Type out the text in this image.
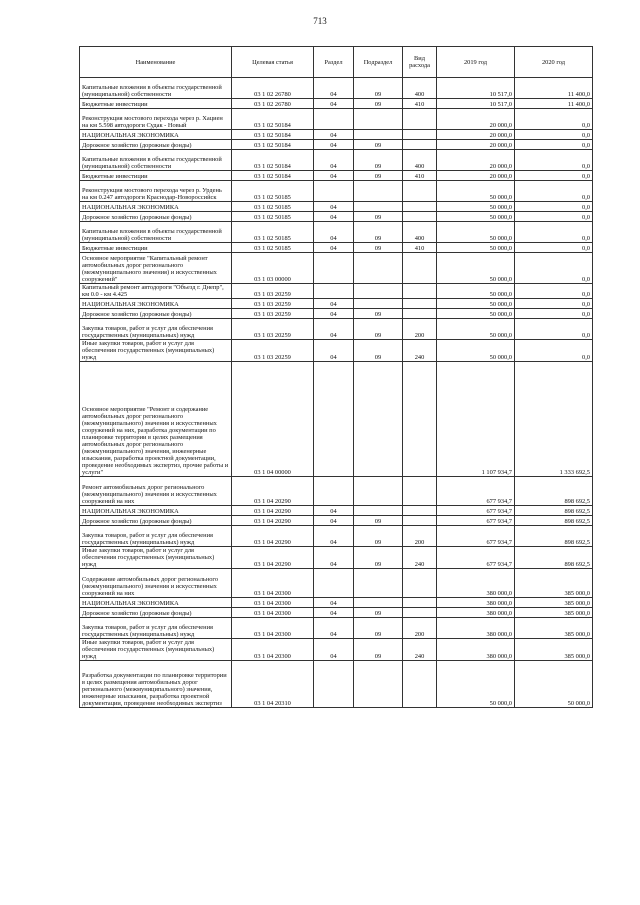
713
Наименование	Целевая статья	Раздел	Подраздел	Вид расхода	2019 год	2020 год
Капитальные вложения в объекты государственной (муниципальной) собственности	03 1 02 26780	04	09	400	10 517,0	11 400,0
Бюджетные инвестиции	03 1 02 26780	04	09	410	10 517,0	11 400,0
Реконструкция мостового перехода через р. Хациен на км 5.598 автодороги Судак - Новый	03 1 02 50184				20 000,0	0,0
НАЦИОНАЛЬНАЯ ЭКОНОМИКА	03 1 02 50184	04			20 000,0	0,0
Дорожное хозяйство (дорожные фонды)	03 1 02 50184	04	09		20 000,0	0,0
Капитальные вложения в объекты государственной (муниципальной) собственности	03 1 02 50184	04	09	400	20 000,0	0,0
Бюджетные инвестиции	03 1 02 50184	04	09	410	20 000,0	0,0
Реконструкция мостового перехода через р. Урдень на км 0.247 автодороги Краснодар-Новороссийск	03 1 02 50185				50 000,0	0,0
НАЦИОНАЛЬНАЯ ЭКОНОМИКА	03 1 02 50185	04			50 000,0	0,0
Дорожное хозяйство (дорожные фонды)	03 1 02 50185	04	09		50 000,0	0,0
Капитальные вложения в объекты государственной (муниципальной) собственности	03 1 02 50185	04	09	400	50 000,0	0,0
Бюджетные инвестиции	03 1 02 50185	04	09	410	50 000,0	0,0
Основное мероприятие "Капитальный ремонт автомобильных дорог регионального (межмуниципального значения) и искусственных сооружений"	03 1 03 00000				50 000,0	0,0
Капитальный ремонт автодороги "Объезд г. Днепр", км 0.0 - км 4.425	03 1 03 20259				50 000,0	0,0
НАЦИОНАЛЬНАЯ ЭКОНОМИКА	03 1 03 20259	04			50 000,0	0,0
Дорожное хозяйство (дорожные фонды)	03 1 03 20259	04	09		50 000,0	0,0
Закупка товаров, работ и услуг для обеспечения государственных (муниципальных) нужд	03 1 03 20259	04	09	200	50 000,0	0,0
Иные закупки товаров, работ и услуг для обеспечения государственных (муниципальных) нужд	03 1 03 20259	04	09	240	50 000,0	0,0
Основное мероприятие "Ремонт и содержание автомобильных дорог регионального (межмуниципального) значения и искусственных сооружений на них, разработка документации по планировке территории в целях размещения автомобильных дорог регионального (межмуниципального) значения, инженерные изыскания, разработка проектной документации, проведение необходимых экспертиз, прочие работы и услуги"	03 1 04 00000				1 107 934,7	1 333 692,5
Ремонт автомобильных дорог регионального (межмуниципального) значения и искусственных сооружений на них	03 1 04 20290				677 934,7	898 692,5
НАЦИОНАЛЬНАЯ ЭКОНОМИКА	03 1 04 20290	04			677 934,7	898 692,5
Дорожное хозяйство (дорожные фонды)	03 1 04 20290	04	09		677 934,7	898 692,5
Закупка товаров, работ и услуг для обеспечения государственных (муниципальных) нужд	03 1 04 20290	04	09	200	677 934,7	898 692,5
Иные закупки товаров, работ и услуг для обеспечения государственных (муниципальных) нужд	03 1 04 20290	04	09	240	677 934,7	898 692,5
Содержание автомобильных дорог регионального (межмуниципального) значения и искусственных сооружений на них	03 1 04 20300				380 000,0	385 000,0
НАЦИОНАЛЬНАЯ ЭКОНОМИКА	03 1 04 20300	04			380 000,0	385 000,0
Дорожное хозяйство (дорожные фонды)	03 1 04 20300	04	09		380 000,0	385 000,0
Закупка товаров, работ и услуг для обеспечения государственных (муниципальных) нужд	03 1 04 20300	04	09	200	380 000,0	385 000,0
Иные закупки товаров, работ и услуг для обеспечения государственных (муниципальных) нужд	03 1 04 20300	04	09	240	380 000,0	385 000,0
Разработка документации по планировке территории в целях размещения автомобильных дорог регионального (межмуниципального) значения, инженерные изыскания, разработка проектной документации, проведение необходимых экспертиз	03 1 04 20310				50 000,0	50 000,0
